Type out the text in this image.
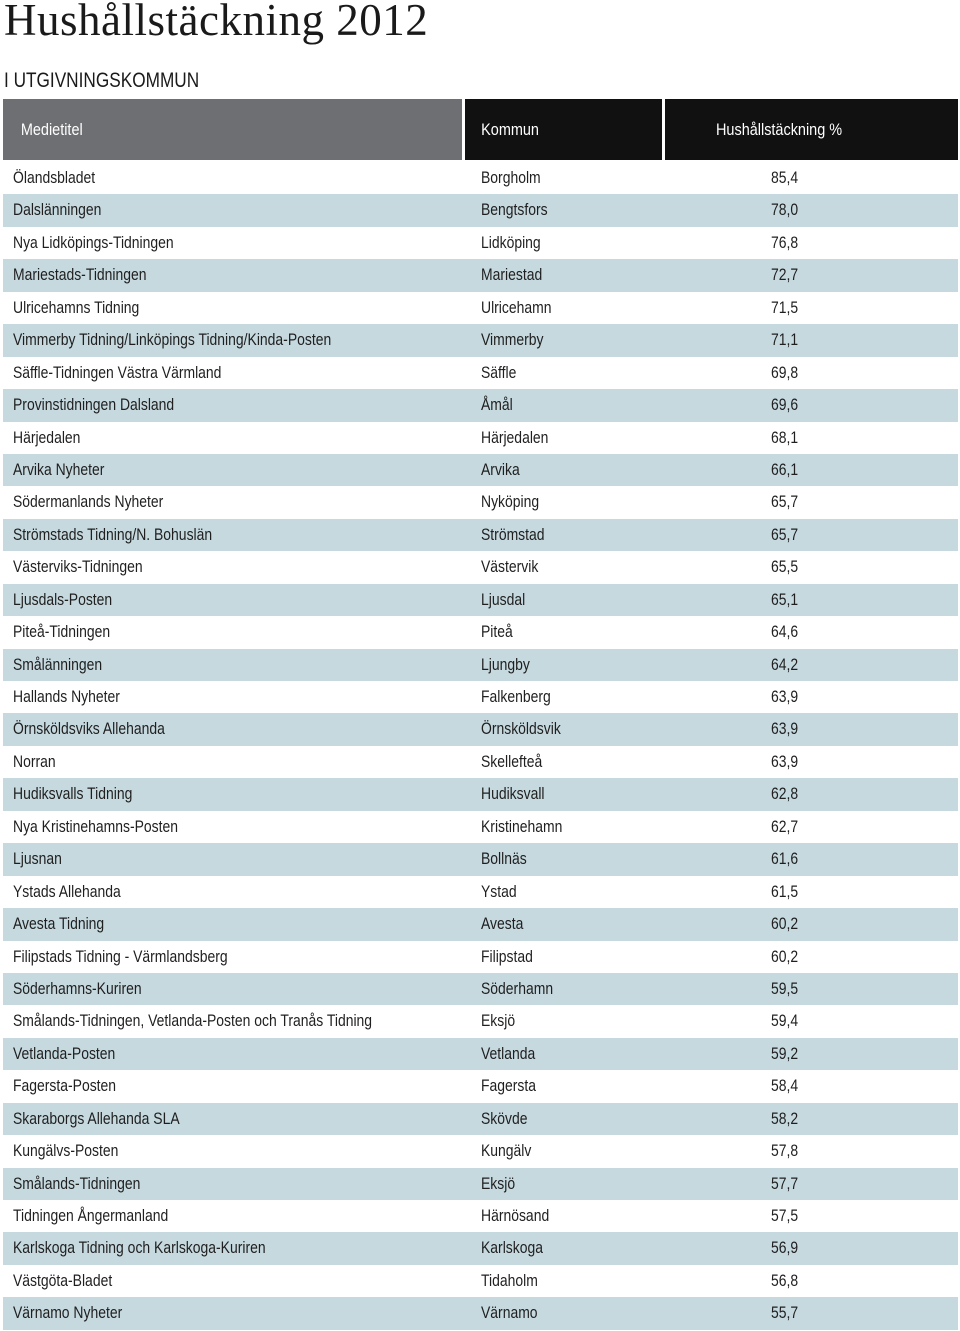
Hushållstäckning 2012
I UTGIVNINGSKOMMUN
Medietitel	Kommun	Hushållstäckning %
Ölandsbladet	Borgholm	85,4
Dalslänningen	Bengtsfors	78,0
Nya Lidköpings-Tidningen	Lidköping	76,8
Mariestads-Tidningen	Mariestad	72,7
Ulricehamns Tidning	Ulricehamn	71,5
Vimmerby Tidning/Linköpings Tidning/Kinda-Posten	Vimmerby	71,1
Säffle-Tidningen Västra Värmland	Säffle	69,8
Provinstidningen Dalsland	Åmål	69,6
Härjedalen	Härjedalen	68,1
Arvika Nyheter	Arvika	66,1
Södermanlands Nyheter	Nyköping	65,7
Strömstads Tidning/N. Bohuslän	Strömstad	65,7
Västerviks-Tidningen	Västervik	65,5
Ljusdals-Posten	Ljusdal	65,1
Piteå-Tidningen	Piteå	64,6
Smålänningen	Ljungby	64,2
Hallands Nyheter	Falkenberg	63,9
Örnsköldsviks Allehanda	Örnsköldsvik	63,9
Norran	Skellefteå	63,9
Hudiksvalls Tidning	Hudiksvall	62,8
Nya Kristinehamns-Posten	Kristinehamn	62,7
Ljusnan	Bollnäs	61,6
Ystads Allehanda	Ystad	61,5
Avesta Tidning	Avesta	60,2
Filipstads Tidning - Värmlandsberg	Filipstad	60,2
Söderhamns-Kuriren	Söderhamn	59,5
Smålands-Tidningen, Vetlanda-Posten och Tranås Tidning	Eksjö	59,4
Vetlanda-Posten	Vetlanda	59,2
Fagersta-Posten	Fagersta	58,4
Skaraborgs Allehanda SLA	Skövde	58,2
Kungälvs-Posten	Kungälv	57,8
Smålands-Tidningen	Eksjö	57,7
Tidningen Ångermanland	Härnösand	57,5
Karlskoga Tidning och Karlskoga-Kuriren	Karlskoga	56,9
Västgöta-Bladet	Tidaholm	56,8
Värnamo Nyheter	Värnamo	55,7
